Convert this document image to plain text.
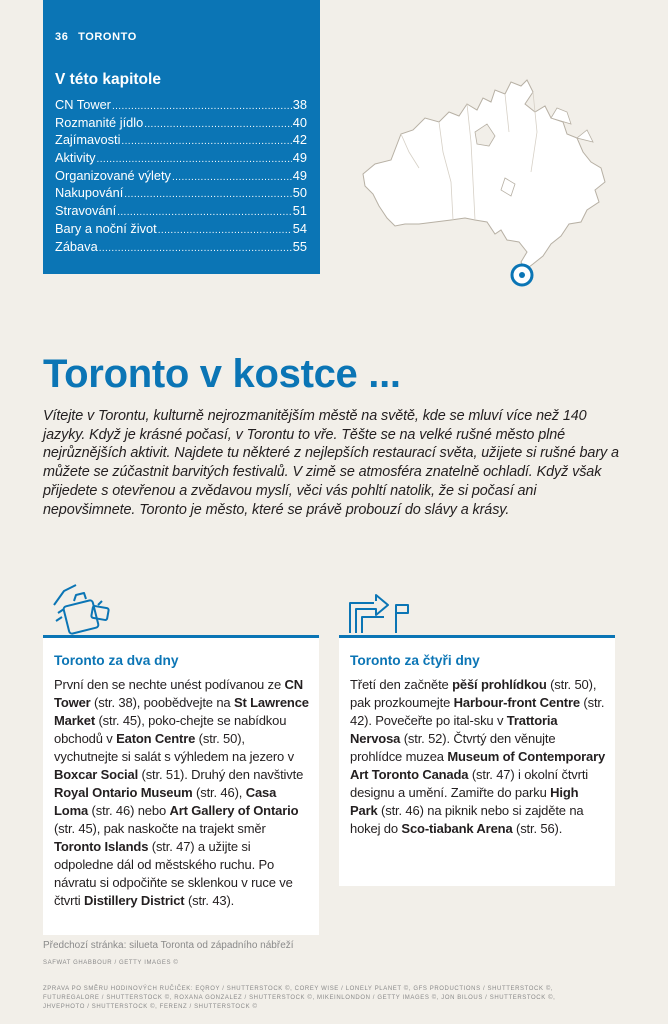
36 TORONTO
V této kapitole
CN Tower .....	38
Rozmanité jídlo .....	40
Zajímavosti .....	42
Aktivity .....	49
Organizované výlety .....	49
Nakupování .....	50
Stravování .....	51
Bary a noční život .....	54
Zábava .....	55
Toronto v kostce ...

Vítejte v Torontu, kulturně nejrozmanitějším městě na světě, kde se mluví více než 140 jazyky. Když je krásné počasí, v Torontu to vře. Těšte se na velké rušné město plné nejrůznějších aktivit. Najdete tu některé z nejlepších restaurací světa, užijete si rušné bary a můžete se zúčastnit barvitých festivalů. V zimě se atmosféra znatelně ochladí. Když však přijedete s otevřenou a zvědavou myslí, věci vás pohltí natolik, že si počasí ani nepovšimnete. Toronto je město, které se právě probouzí do slávy a krásy.

Toronto za dva dny

První den se nechte unést podívanou ze CN Tower (str. 38), poobědvejte na St Lawrence Market (str. 45), poko-chejte se nabídkou obchodů v Eaton Centre (str. 50), vychutnejte si salát s výhledem na jezero v Boxcar Social (str. 51). Druhý den navštivte Royal Ontario Museum (str. 46), Casa Loma (str. 46) nebo Art Gallery of Ontario (str. 45), pak naskočte na trajekt směr Toronto Islands (str. 47) a užijte si odpoledne dál od městského ruchu. Po návratu si odpočiňte se sklenkou v ruce ve čtvrti Distillery District (str. 43).

Toronto za čtyři dny

Třetí den začněte pěší prohlídkou (str. 50), pak prozkoumejte Harbour-front Centre (str. 42). Povečeřte po ital-sku v Trattoria Nervosa (str. 52). Čtvrtý den věnujte prohlídce muzea Museum of Contemporary Art Toronto Canada (str. 47) i okolní čtvrti designu a umění. Zamiřte do parku High Park (str. 46) na piknik nebo si zajděte na hokej do Sco-tiabank Arena (str. 56).

Předchozí stránka: silueta Toronta od západního nábřeží
SAFWAT GHABBOUR / GETTY IMAGES ©
ZPRAVA PO SMĚRU HODINOVÝCH RUČIČEK: EQROY / SHUTTERSTOCK ©, COREY WISE / LONELY PLANET ©, GFS PRODUCTIONS / SHUTTERSTOCK ©,
FUTUREGALORE / SHUTTERSTOCK ©, ROXANA GONZALEZ / SHUTTERSTOCK ©, MIKEINLONDON / GETTY IMAGES ©, JON BILOUS / SHUTTERSTOCK ©,
JHVEPHOTO / SHUTTERSTOCK ©, FERENZ / SHUTTERSTOCK ©
